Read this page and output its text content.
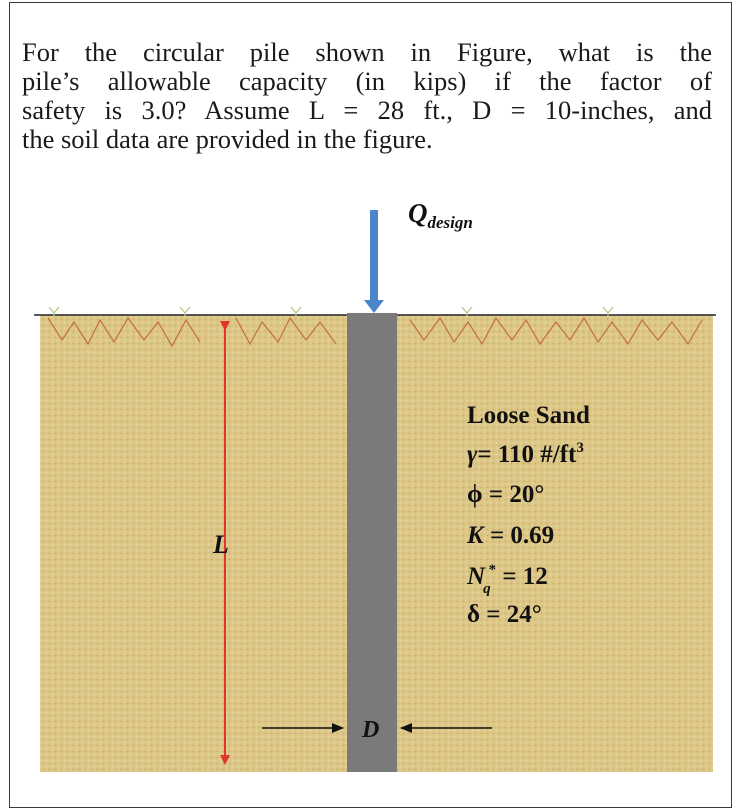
For the circular pile shown in Figure, what is the
pile’s allowable capacity (in kips) if the factor of
safety is 3.0? Assume L = 28 ft., D = 10-inches, and
the soil data are provided in the figure.

$Q_{design}$
L
D
Loose Sand
γ= 110 $\#/ft^3$
ϕ = 20°
K = 0.69
Nq* = 12
δ = 24°
